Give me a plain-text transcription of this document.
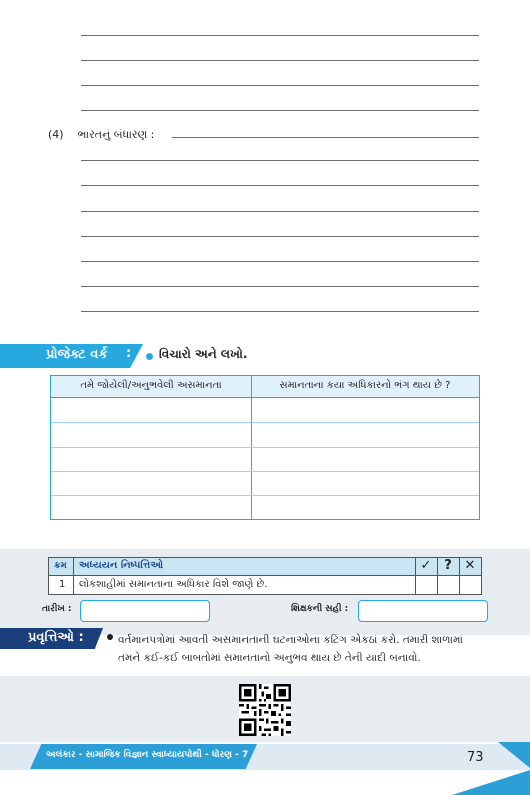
(4) ભારતનું બંધારણ :
પ્રોજેક્ટ વર્ક : વિચારો અને લખો.
તમે જોયેલી/અનુભવેલી અસમાનતા	સમાનતાના કયા અધિકારનો ભંગ થાય છે ?
ક્રમ અધ્યયન નિષ્પત્તિઓ	✓ ? ✕
1 લોકશાહીમાં સમાનતાના અધિકાર વિશે જાણે છે.
તારીખ :	શિક્ષકની સહી :
પ્રવૃત્તિઓ :	વર્તમાનપત્રોમાં આવતી અસમાનતાની ઘટનાઓના કટિંગ એકઠાં કરો. તમારી શાળામાં તમને કઈ-કઈ બાબતોમાં સમાનતાનો અનુભવ થાય છે તેની યાદી બનાવો.
અલંકાર - સામાજિક વિજ્ઞાન સ્વાધ્યાયપોથી - ધોરણ - 7	73
